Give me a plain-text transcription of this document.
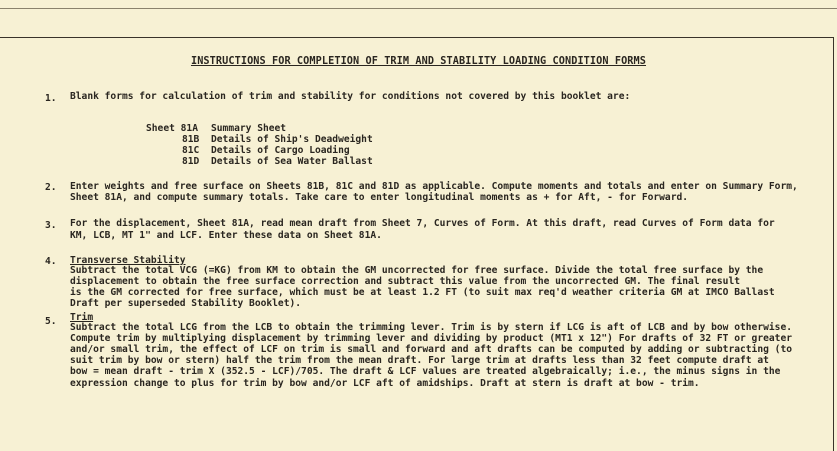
INSTRUCTIONS FOR COMPLETION OF TRIM AND STABILITY LOADING CONDITION FORMS
1. Blank forms for calculation of trim and stability for conditions not covered by this booklet are:
Sheet 81A Summary Sheet
81B Details of Ship's Deadweight
81C Details of Cargo Loading
81D Details of Sea Water Ballast
2. Enter weights and free surface on Sheets 81B, 81C and 81D as applicable. Compute moments and totals and enter on Summary Form,
Sheet 81A, and compute summary totals. Take care to enter longitudinal moments as + for Aft, - for Forward.
3. For the displacement, Sheet 81A, read mean draft from Sheet 7, Curves of Form. At this draft, read Curves of Form data for
KM, LCB, MT 1" and LCF. Enter these data on Sheet 81A.
4. Transverse Stability
Subtract the total VCG (=KG) from KM to obtain the GM uncorrected for free surface. Divide the total free surface by the
displacement to obtain the free surface correction and subtract this value from the uncorrected GM. The final result
is the GM corrected for free surface, which must be at least 1.2 FT (to suit max req'd weather criteria GM at IMCO Ballast
Draft per superseded Stability Booklet).
5. Trim
Subtract the total LCG from the LCB to obtain the trimming lever. Trim is by stern if LCG is aft of LCB and by bow otherwise.
Compute trim by multiplying displacement by trimming lever and dividing by product (MT1 x 12") For drafts of 32 FT or greater
and/or small trim, the effect of LCF on trim is small and forward and aft drafts can be computed by adding or subtracting (to
suit trim by bow or stern) half the trim from the mean draft. For large trim at drafts less than 32 feet compute draft at
bow = mean draft - trim X (352.5 - LCF)/705. The draft & LCF values are treated algebraically; i.e., the minus signs in the
expression change to plus for trim by bow and/or LCF aft of amidships. Draft at stern is draft at bow - trim.
